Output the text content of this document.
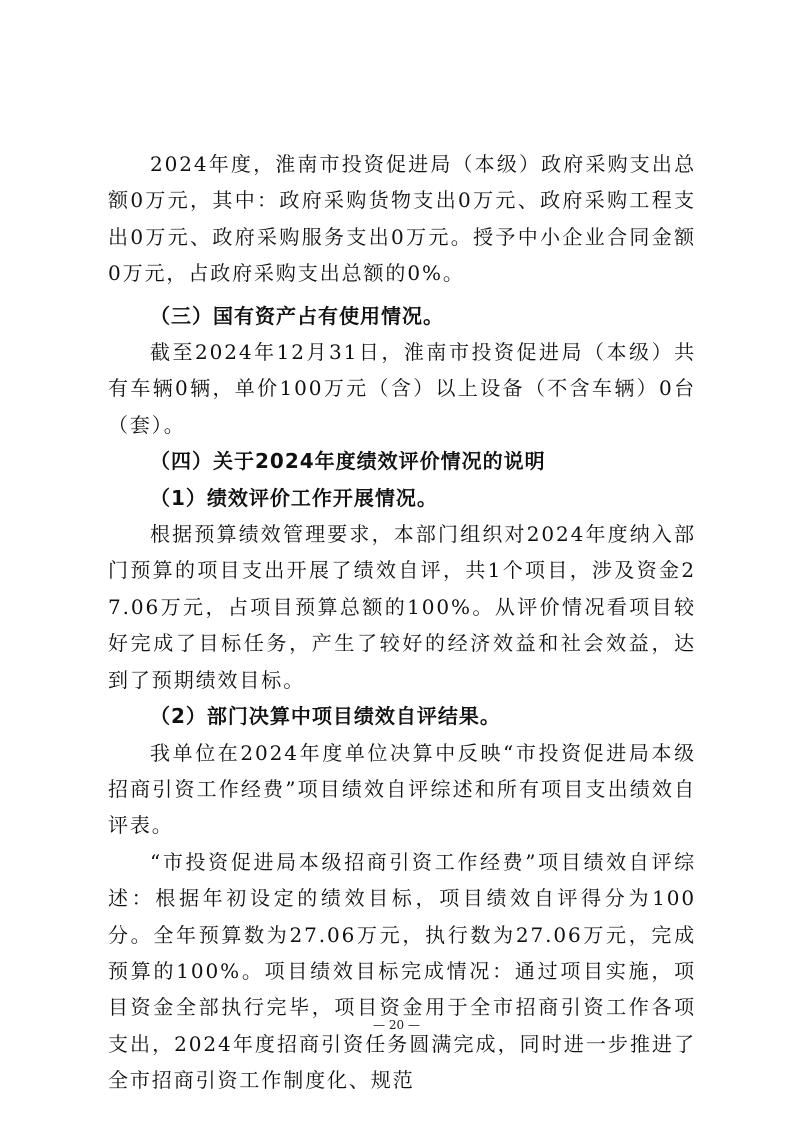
2024年度，淮南市投资促进局（本级）政府采购支出总额0万元，其中：政府采购货物支出0万元、政府采购工程支出0万元、政府采购服务支出0万元。授予中小企业合同金额0万元，占政府采购支出总额的0%。

（三）国有资产占有使用情况。

截至2024年12月31日，淮南市投资促进局（本级）共有车辆0辆，单价100万元（含）以上设备（不含车辆）0台（套）。

（四）关于2024年度绩效评价情况的说明

（1）绩效评价工作开展情况。

根据预算绩效管理要求，本部门组织对2024年度纳入部门预算的项目支出开展了绩效自评，共1个项目，涉及资金27.06万元，占项目预算总额的100%。从评价情况看项目较好完成了目标任务，产生了较好的经济效益和社会效益，达到了预期绩效目标。

（2）部门决算中项目绩效自评结果。

我单位在2024年度单位决算中反映“市投资促进局本级招商引资工作经费”项目绩效自评综述和所有项目支出绩效自评表。

“市投资促进局本级招商引资工作经费”项目绩效自评综述：根据年初设定的绩效目标，项目绩效自评得分为100分。全年预算数为27.06万元，执行数为27.06万元，完成预算的100%。项目绩效目标完成情况：通过项目实施，项目资金全部执行完毕，项目资金用于全市招商引资工作各项支出，2024年度招商引资任务圆满完成，同时进一步推进了全市招商引资工作制度化、规范

— 20 —
